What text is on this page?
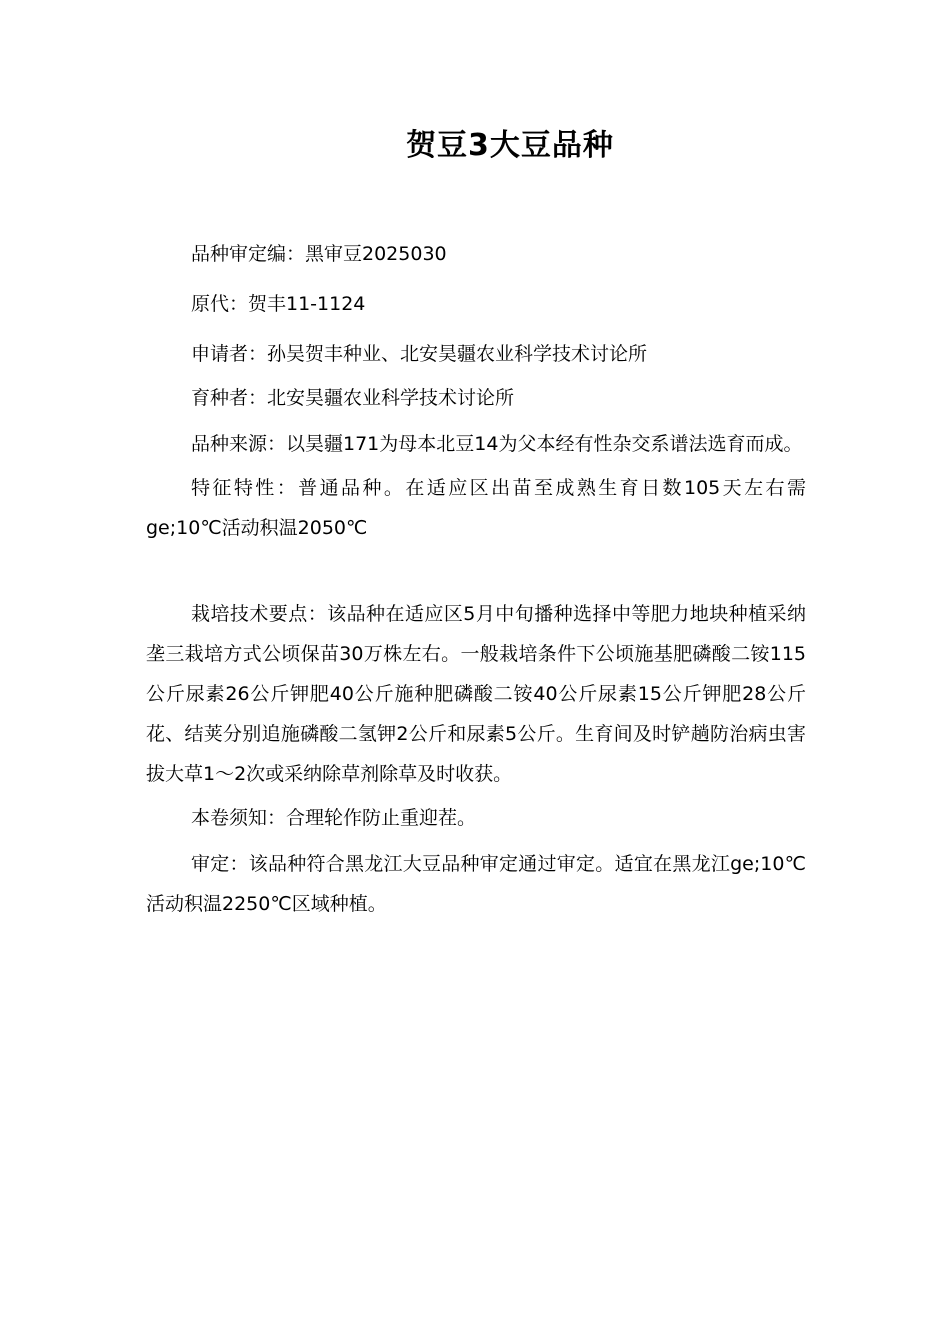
贺豆3大豆品种

品种审定编：黑审豆2025030

原代：贺丰11-1124

申请者：孙吴贺丰种业、北安昊疆农业科学技术讨论所

育种者：北安昊疆农业科学技术讨论所

品种来源：以昊疆171为母本北豆14为父本经有性杂交系谱法选育而成。

特征特性：普通品种。在适应区出苗至成熟生育日数105天左右需ge;10℃活动积温2050℃

栽培技术要点：该品种在适应区5月中旬播种选择中等肥力地块种植采纳垄三栽培方式公顷保苗30万株左右。一般栽培条件下公顷施基肥磷酸二铵115公斤尿素26公斤钾肥40公斤施种肥磷酸二铵40公斤尿素15公斤钾肥28公斤花、结荚分别追施磷酸二氢钾2公斤和尿素5公斤。生育间及时铲趟防治病虫害拔大草1～2次或采纳除草剂除草及时收获。

本卷须知：合理轮作防止重迎茬。

审定：该品种符合黑龙江大豆品种审定通过审定。适宜在黑龙江ge;10℃活动积温2250℃区域种植。
